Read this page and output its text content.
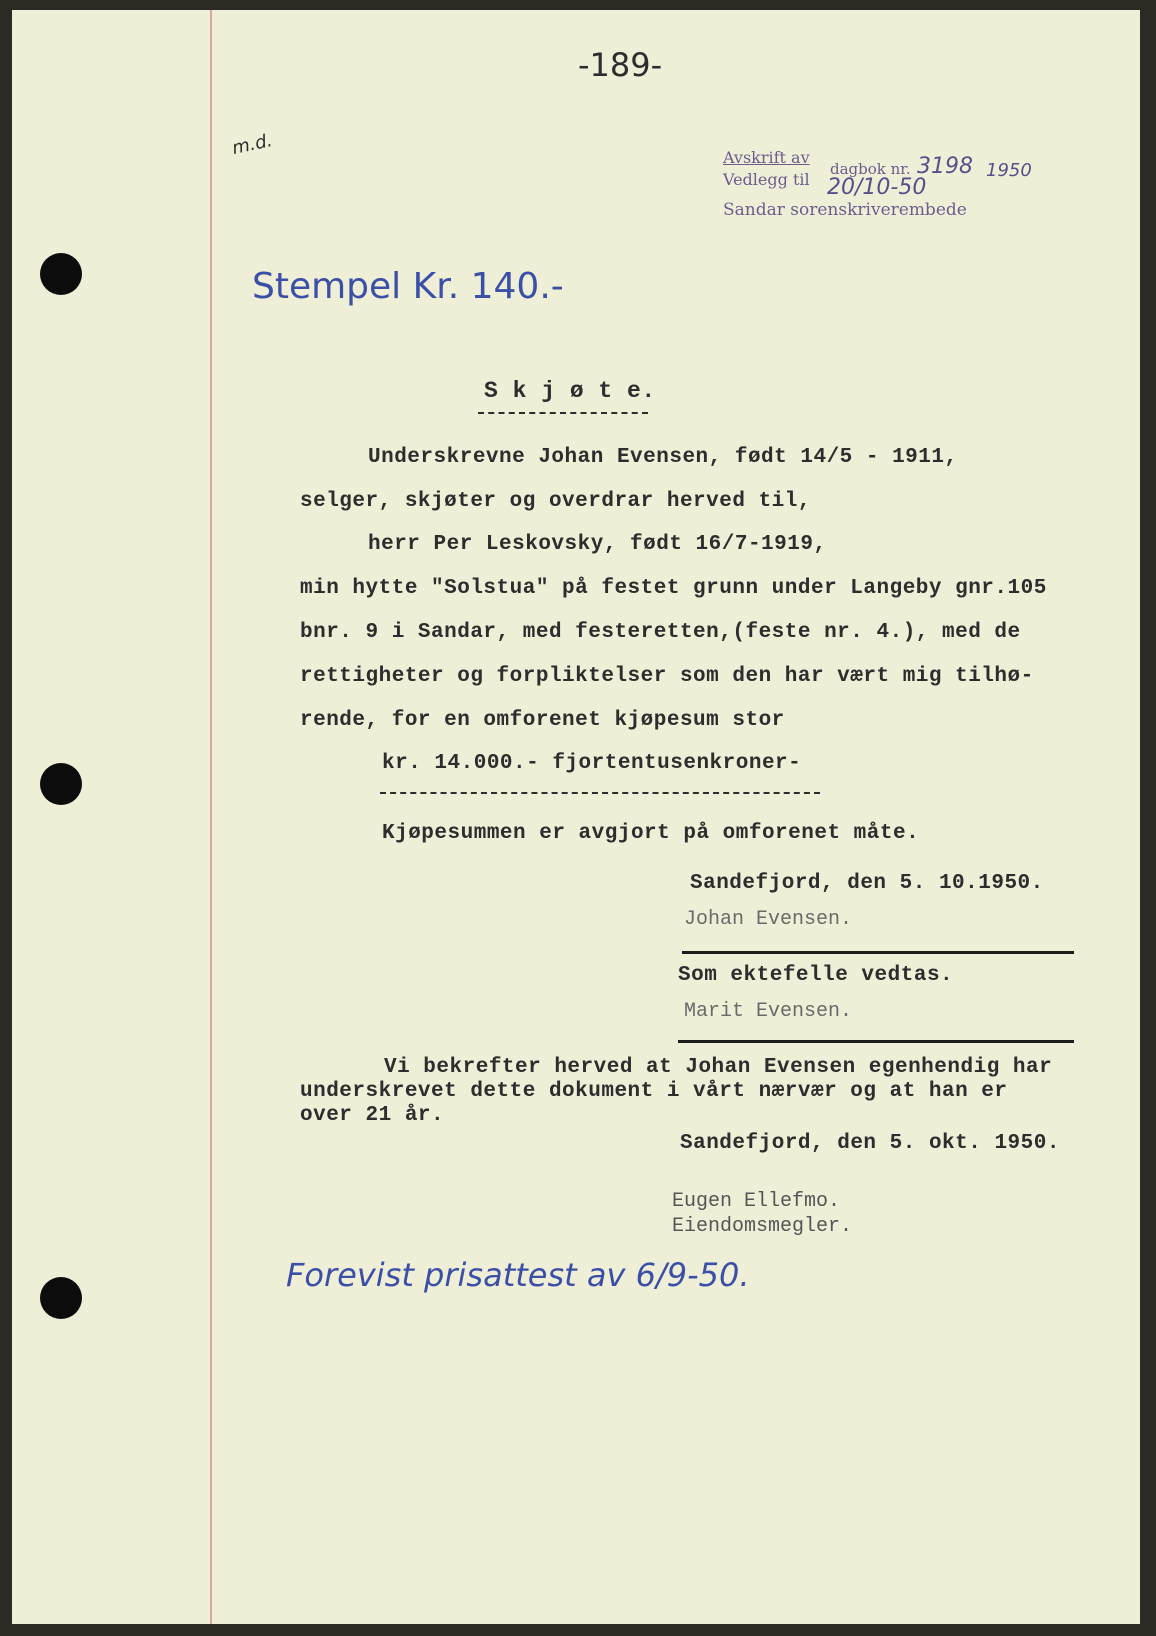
-189-
m.d.	Avskrift av
dagbok nr. 3198 1950
Vedlegg til 20/10-50
Sandar sorenskriverembede
Stempel Kr. 140.-
S k j ø t e.
Underskrevne Johan Evensen, født 14/5 - 1911,
selger, skjøter og overdrar herved til,
herr Per Leskovsky, født 16/7-1919,
min hytte "Solstua" på festet grunn under Langeby gnr.105
bnr. 9 i Sandar, med festeretten,(feste nr. 4.), med de
rettigheter og forpliktelser som den har vært mig tilhø-
rende, for en omforenet kjøpesum stor
kr. 14.000.- fjortentusenkroner-
Kjøpesummen er avgjort på omforenet måte.
Sandefjord, den 5. 10.1950.
Johan Evensen.
Som ektefelle vedtas.
Marit Evensen.
Vi bekrefter herved at Johan Evensen egenhendig har
underskrevet dette dokument i vårt nærvær og at han er
over 21 år.
Sandefjord, den 5. okt. 1950.
Eugen Ellefmo.
Eiendomsmegler.
Forevist prisattest av 6/9-50.
